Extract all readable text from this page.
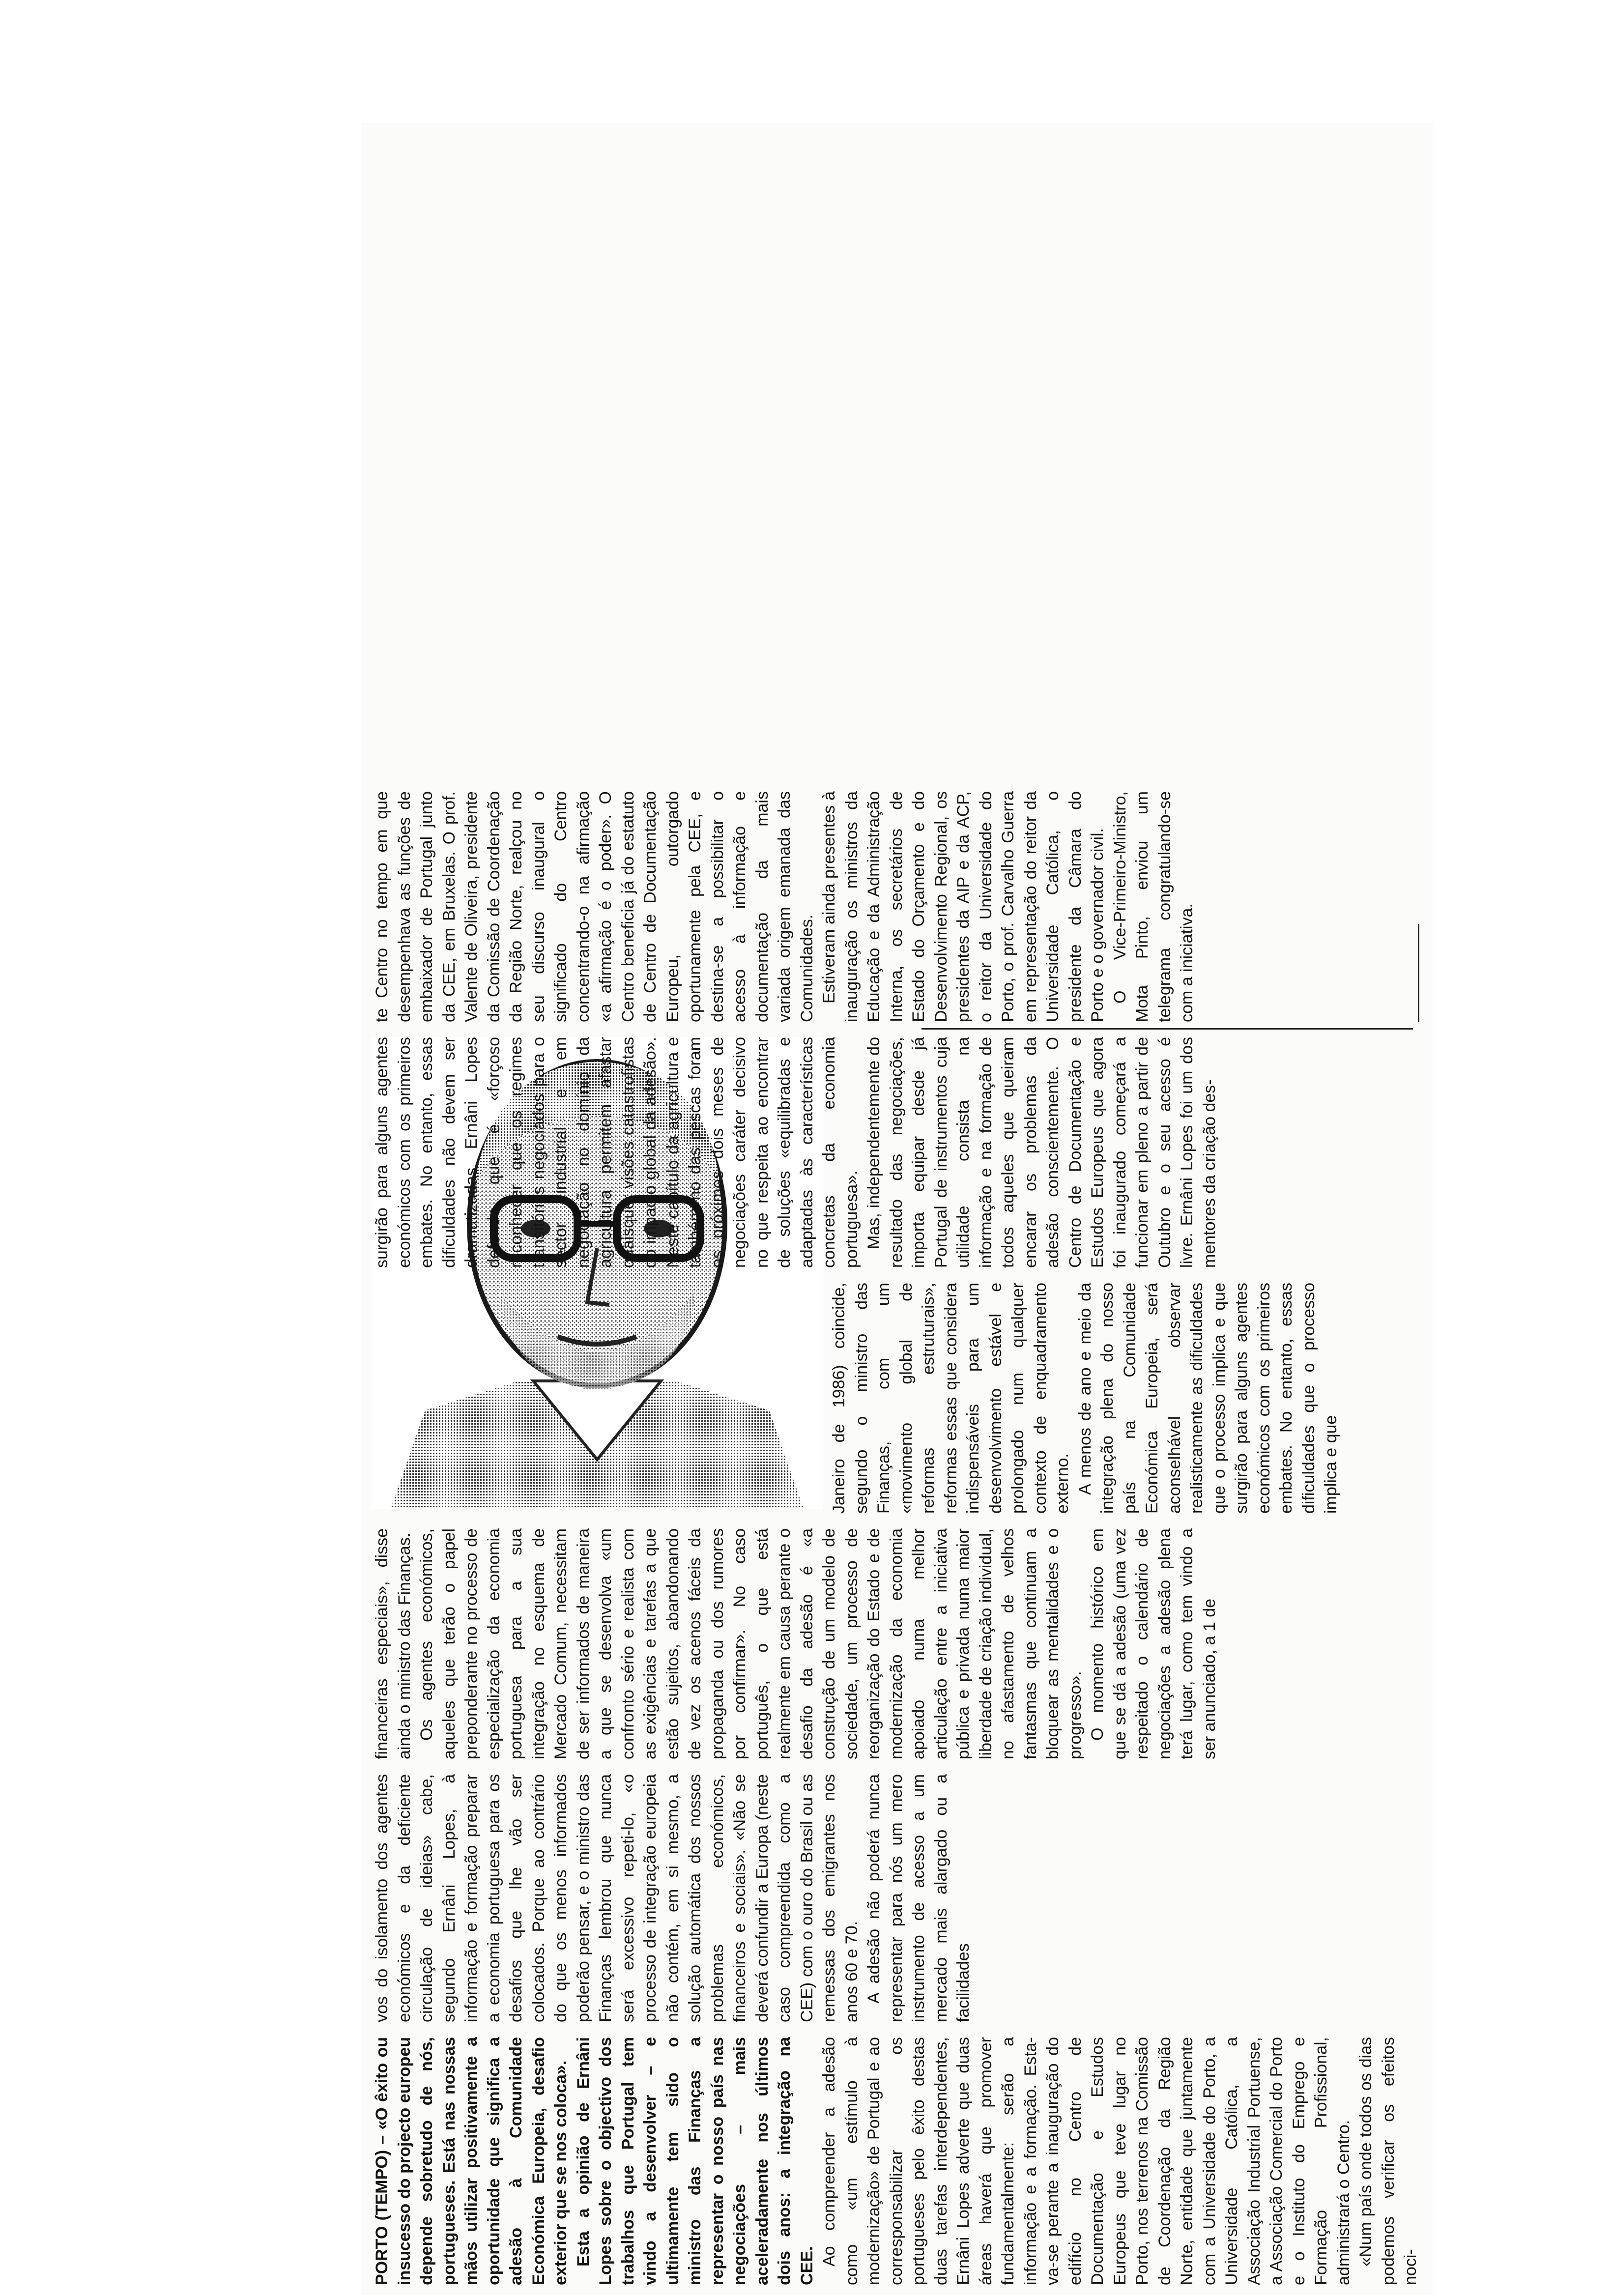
PORTO (TEMPO) – «O êxito ou insucesso do projecto europeu depende sobretudo de nós, portugueses. Está nas nossas mãos utilizar positivamente a oportunidade que significa a adesão à Comunidade Económica Europeia, desafio exterior que se nos coloca». Esta a opinião de Ernâni Lopes sobre o objectivo dos trabalhos que Portugal tem vindo a desenvolver – e ultimamente tem sido o ministro das Finanças a representar o nosso país nas negociações – mais aceleradamente nos últimos dois anos: a integração na CEE. Ao compreender a adesão como «um estímulo à modernização» de Portugal e ao corresponsabilizar os portugueses pelo êxito destas duas tarefas interdependentes, Ernâni Lopes adverte que duas áreas haverá que promover fundamentalmente: serão a informação e a formação. Esta-va-se perante a inauguração do edifício no Centro de Documentação e Estudos Europeus que teve lugar no Porto, nos terrenos na Comissão de Coordenação da Região Norte, entidade que juntamente com a Universidade do Porto, a Universidade Católica, a Associação Industrial Portuense, a Associação Comercial do Porto e o Instituto do Emprego e Formação Profissional, administrará o Centro. «Num país onde todos os dias podemos verificar os efeitos noci-

vos do isolamento dos agentes económicos e da deficiente circulação de ideias» cabe, segundo Ernâni Lopes, à informação e formação preparar a economia portuguesa para os desafios que lhe vão ser colocados. Porque ao contrário do que os menos informados poderão pensar, e o ministro das Finanças lembrou que nunca será excessivo repeti-lo, «o processo de integração europeia não contém, em si mesmo, a solução automática dos nossos problemas económicos, financeiros e sociais». «Não se deverá confundir a Europa (neste caso compreendida como a CEE) com o ouro do Brasil ou as remessas dos emigrantes nos anos 60 e 70. A adesão não poderá nunca representar para nós um mero instrumento de acesso a um mercado mais alargado ou a facilidades

financeiras especiais», disse ainda o ministro das Finanças. Os agentes económicos, aqueles que terão o papel preponderante no processo de especialização da economia portuguesa para a sua integração no esquema de Mercado Comum, necessitam de ser informados de maneira a que se desenvolva «um confronto sério e realista com as exigências e tarefas a que estão sujeitos, abandonando de vez os acenos fáceis da propaganda ou dos rumores por confirmar». No caso português, o que está realmente em causa perante o desafio da adesão é «a construção de um modelo de sociedade, um processo de reorganização do Estado e de modernização da economia apoiado numa melhor articulação entre a iniciativa pública e privada numa maior liberdade de criação individual, no afastamento de velhos fantasmas que continuam a bloquear as mentalidades e o progresso». O momento histórico em que se dá a adesão (uma vez respeitado o calendário de negociações a adesão plena terá lugar, como tem vindo a ser anunciado, a 1 de

Janeiro de 1986) coincide, segundo o ministro das Finanças, com um «movimento global de reformas estruturais», reformas essas que considera indispensáveis para um desenvolvimento estável e prolongado num qualquer contexto de enquadramento externo. A menos de ano e meio da integração plena do nosso país na Comunidade Económica Europeia, será aconselhável observar realisticamente as dificuldades que o processo implica e que surgirão para alguns agentes económicos com os primeiros embates. No entanto, essas dificuldades que o processo implica e que

surgirão para alguns agentes económicos com os primeiros embates. No entanto, essas dificuldades não devem ser dramatizadas Ernâni Lopes defende que é «forçoso reconhecer que os regimes transitórios negociados para o sector industrial e em negociação no domínio da agricultura permitem afastar quaisquer visões catastrofistas do impacto global da adesão». Neste capítulo da agricultura e também no das pescas foram os próximos dois meses de negociações caráter decisivo no que respeita ao encontrar de soluções «equilibradas e adaptadas às características concretas da economia portuguesa». Mas, independentemente do resultado das negociações, importa equipar desde já Portugal de instrumentos cuja utilidade consista na informação e na formação de todos aqueles que queiram encarar os problemas da adesão conscientemente. O Centro de Documentação e Estudos Europeus que agora foi inaugurado começará a funcionar em pleno a partir de Outubro e o seu acesso é livre. Ernâni Lopes foi um dos mentores da criação des-

te Centro no tempo em que desempenhava as funções de embaixador de Portugal junto da CEE, em Bruxelas. O prof. Valente de Oliveira, presidente da Comissão de Coordenação da Região Norte, realçou no seu discurso inaugural o significado do Centro concentrando-o na afirmação «a afirmação é o poder». O Centro beneficia já do estatuto de Centro de Documentação Europeu, outorgado oportunamente pela CEE, e destina-se a possibilitar o acesso à informação e documentação da mais variada origem emanada das Comunidades. Estiveram ainda presentes à inauguração os ministros da Educação e da Administração Interna, os secretários de Estado do Orçamento e do Desenvolvimento Regional, os presidentes da AIP e da ACP, o reitor da Universidade do Porto, o prof. Carvalho Guerra em representação do reitor da Universidade Católica, o presidente da Câmara do Porto e o governador civil. O Vice-Primeiro-Ministro, Mota Pinto, enviou um telegrama congratulando-se com a iniciativa.
